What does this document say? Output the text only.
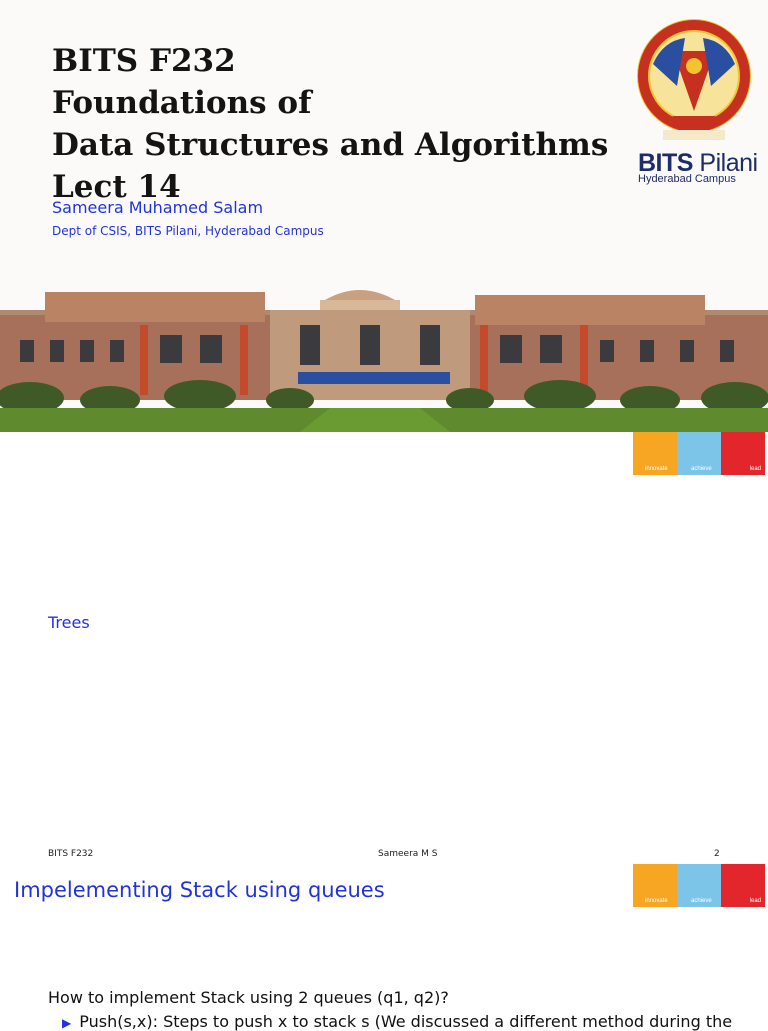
BITS F232
Foundations of
Data Structures and Algorithms
Lect 14
Sameera Muhamed Salam
Dept of CSIS, BITS Pilani, Hyderabad Campus
BITS Pilani
Hyderabad Campus
innovate	achieve	lead
Trees
BITS F232	Sameera M S	2
innovate	achieve	lead
Impelementing Stack using queues
How to implement Stack using 2 queues (q1, q2)?
▶ Push(s,x): Steps to push x to stack s (We discussed a different method during the
